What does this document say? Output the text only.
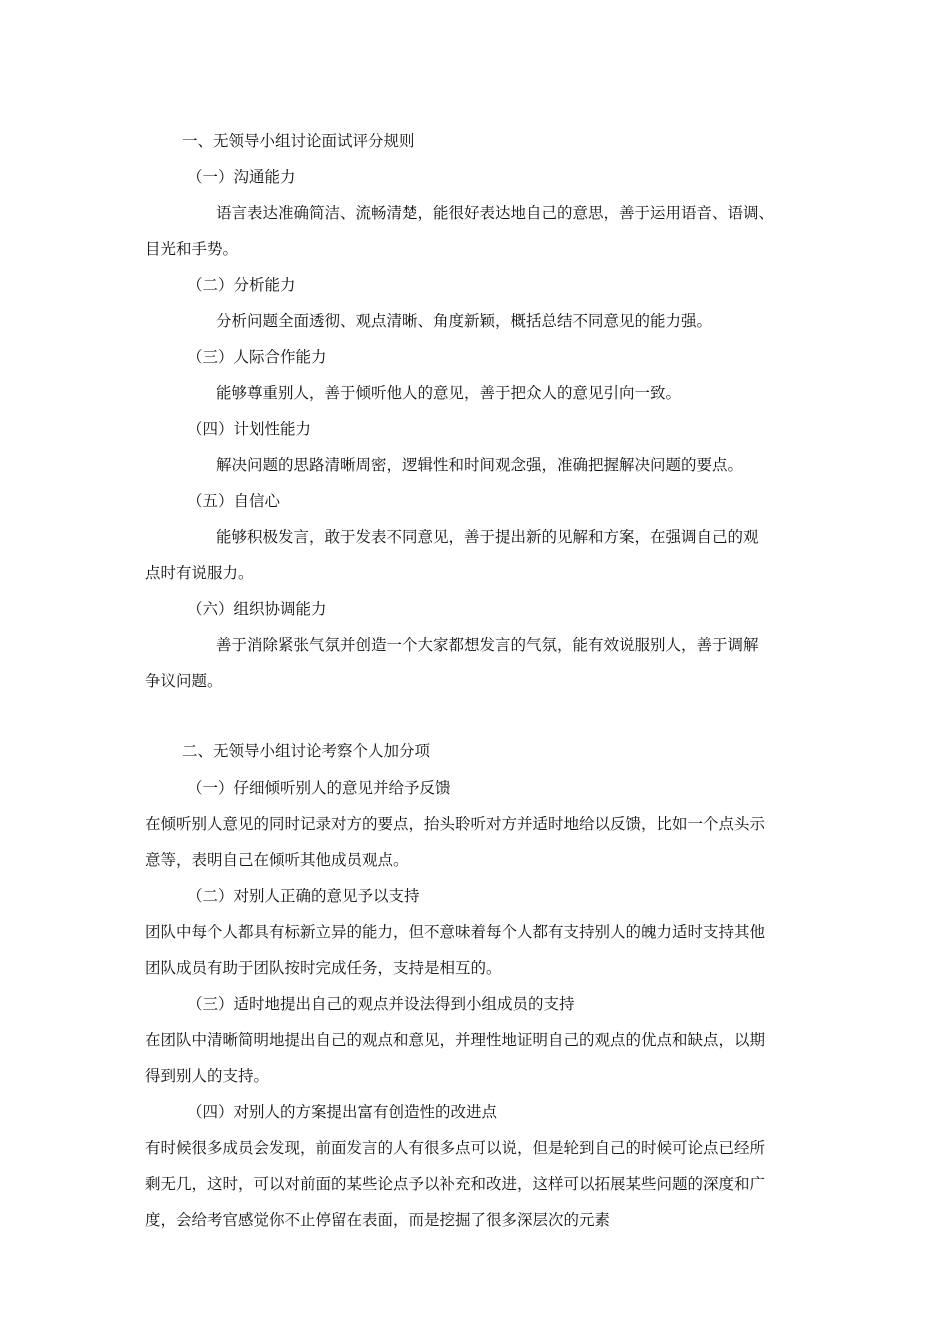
一、无领导小组讨论面试评分规则
（一）沟通能力
语言表达准确简洁、流畅清楚，能很好表达地自己的意思，善于运用语音、语调、
目光和手势。
（二）分析能力
分析问题全面透彻、观点清晰、角度新颖，概括总结不同意见的能力强。
（三）人际合作能力
能够尊重别人，善于倾听他人的意见，善于把众人的意见引向一致。
（四）计划性能力
解决问题的思路清晰周密，逻辑性和时间观念强，准确把握解决问题的要点。
（五）自信心
能够积极发言，敢于发表不同意见，善于提出新的见解和方案，在强调自己的观
点时有说服力。
（六）组织协调能力
善于消除紧张气氛并创造一个大家都想发言的气氛，能有效说服别人，善于调解
争议问题。
二、无领导小组讨论考察个人加分项
（一）仔细倾听别人的意见并给予反馈
在倾听别人意见的同时记录对方的要点，抬头聆听对方并适时地给以反馈，比如一个点头示
意等，表明自己在倾听其他成员观点。
（二）对别人正确的意见予以支持
团队中每个人都具有标新立异的能力，但不意味着每个人都有支持别人的魄力适时支持其他
团队成员有助于团队按时完成任务，支持是相互的。
（三）适时地提出自己的观点并设法得到小组成员的支持
在团队中清晰简明地提出自己的观点和意见，并理性地证明自己的观点的优点和缺点，以期
得到别人的支持。
（四）对别人的方案提出富有创造性的改进点
有时候很多成员会发现，前面发言的人有很多点可以说，但是轮到自己的时候可论点已经所
剩无几，这时，可以对前面的某些论点予以补充和改进，这样可以拓展某些问题的深度和广
度，会给考官感觉你不止停留在表面，而是挖掘了很多深层次的元素
